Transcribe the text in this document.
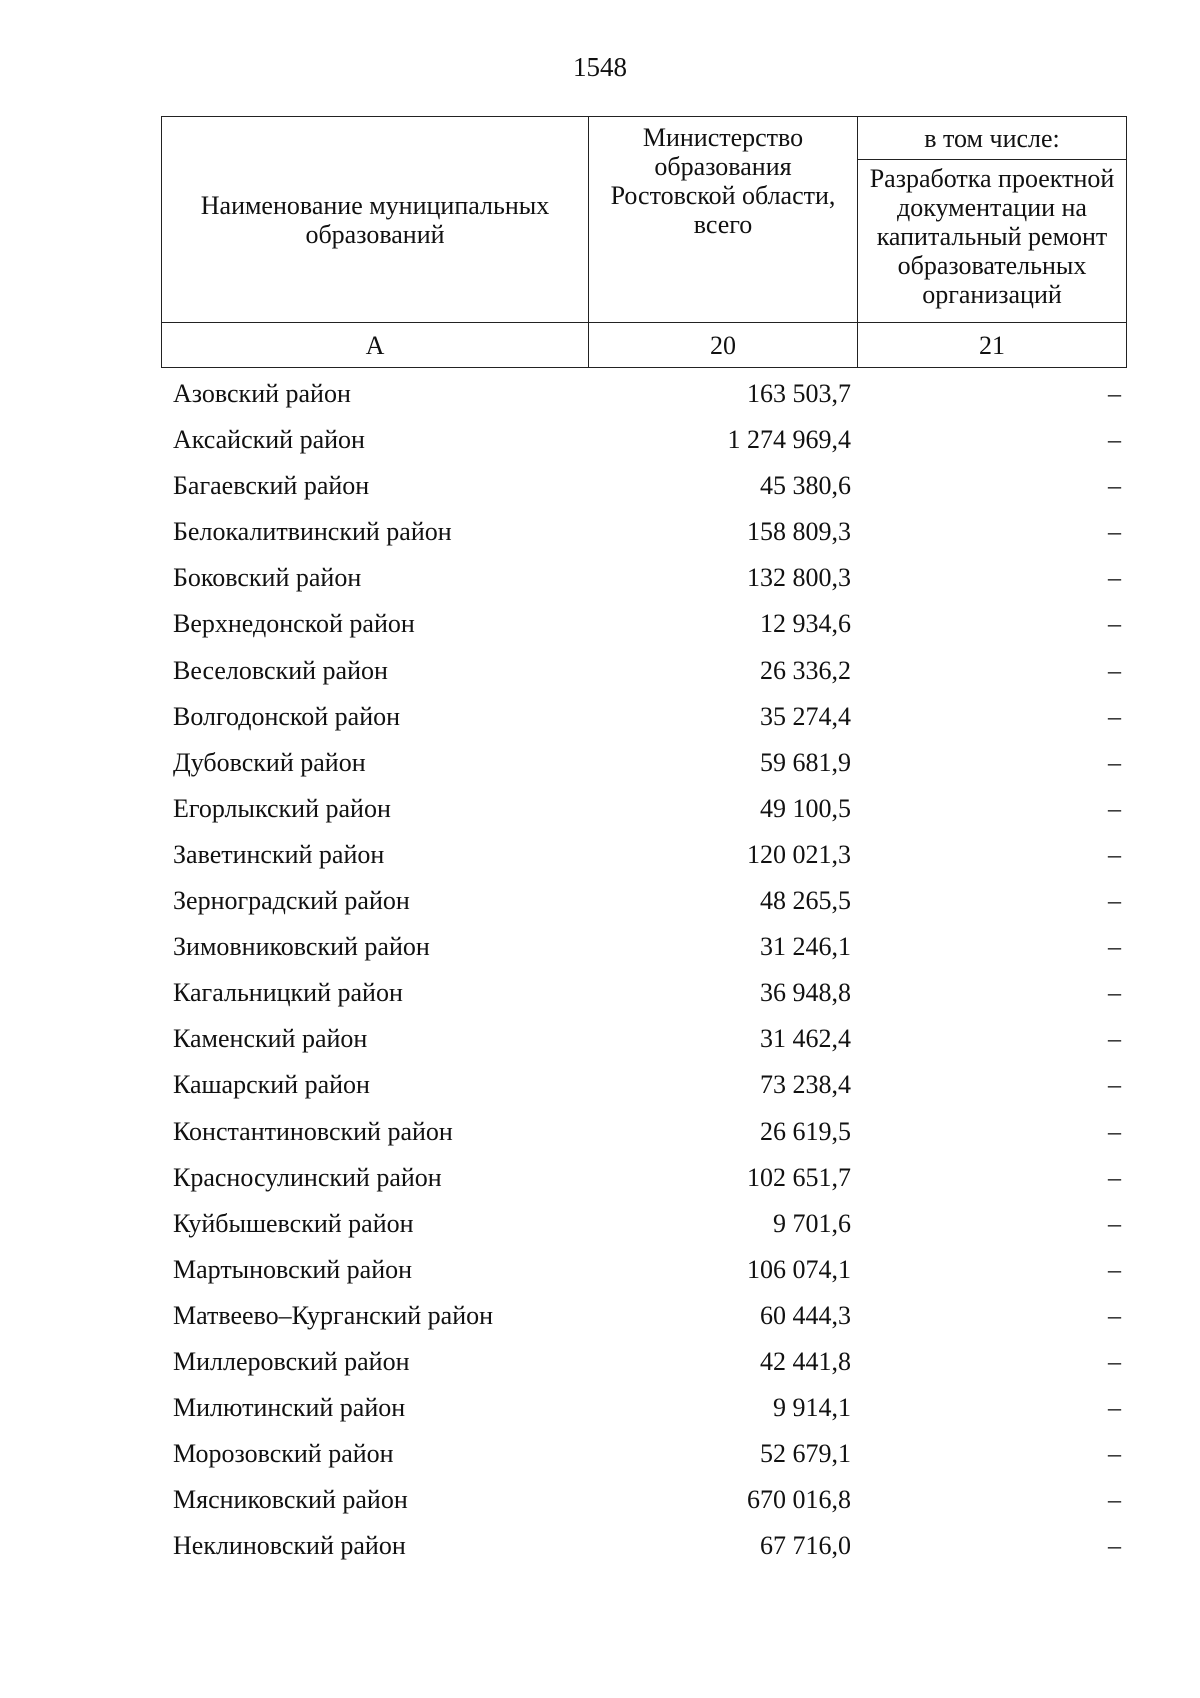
1548
Наименование муниципальных образований	Министерство образования Ростовской области, всего	в том числе:
		Разработка проектной документации на капитальный ремонт образовательных организаций
А	20	21
Азовский район	163 503,7	–
Аксайский район	1 274 969,4	–
Багаевский район	45 380,6	–
Белокалитвинский район	158 809,3	–
Боковский район	132 800,3	–
Верхнедонской район	12 934,6	–
Веселовский район	26 336,2	–
Волгодонской район	35 274,4	–
Дубовский район	59 681,9	–
Егорлыкский район	49 100,5	–
Заветинский район	120 021,3	–
Зерноградский район	48 265,5	–
Зимовниковский район	31 246,1	–
Кагальницкий район	36 948,8	–
Каменский район	31 462,4	–
Кашарский район	73 238,4	–
Константиновский район	26 619,5	–
Красносулинский район	102 651,7	–
Куйбышевский район	9 701,6	–
Мартыновский район	106 074,1	–
Матвеево–Курганский район	60 444,3	–
Миллеровский район	42 441,8	–
Милютинский район	9 914,1	–
Морозовский район	52 679,1	–
Мясниковский район	670 016,8	–
Неклиновский район	67 716,0	–
